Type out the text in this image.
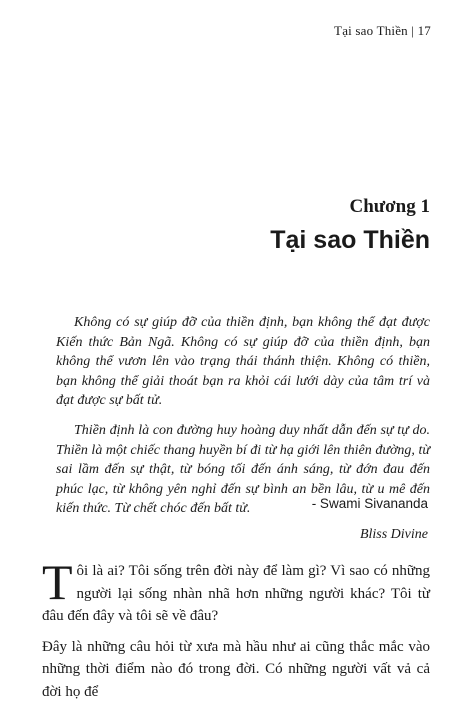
Tại sao Thiền | 17
Chương 1
Tại sao Thiền

Không có sự giúp đỡ của thiền định, bạn không thể đạt được Kiến thức Bản Ngã. Không có sự giúp đỡ của thiền định, bạn không thể vươn lên vào trạng thái thánh thiện. Không có thiền, bạn không thể giải thoát bạn ra khỏi cái lưới dày của tâm trí và đạt được sự bất tử.

Thiền định là con đường huy hoàng duy nhất dẫn đến sự tự do. Thiền là một chiếc thang huyền bí đi từ hạ giới lên thiên đường, từ sai lầm đến sự thật, từ bóng tối đến ánh sáng, từ đớn đau đến phúc lạc, từ không yên nghỉ đến sự bình an bền lâu, từ u mê đến kiến thức. Từ chết chóc đến bất tử.	- Swami Sivananda
Bliss Divine

Tôi là ai? Tôi sống trên đời này để làm gì? Vì sao có những người lại sống nhàn nhã hơn những người khác? Tôi từ đâu đến đây và tôi sẽ về đâu?

Đây là những câu hỏi từ xưa mà hầu như ai cũng thắc mắc vào những thời điểm nào đó trong đời. Có những người vất vả cả đời họ để
